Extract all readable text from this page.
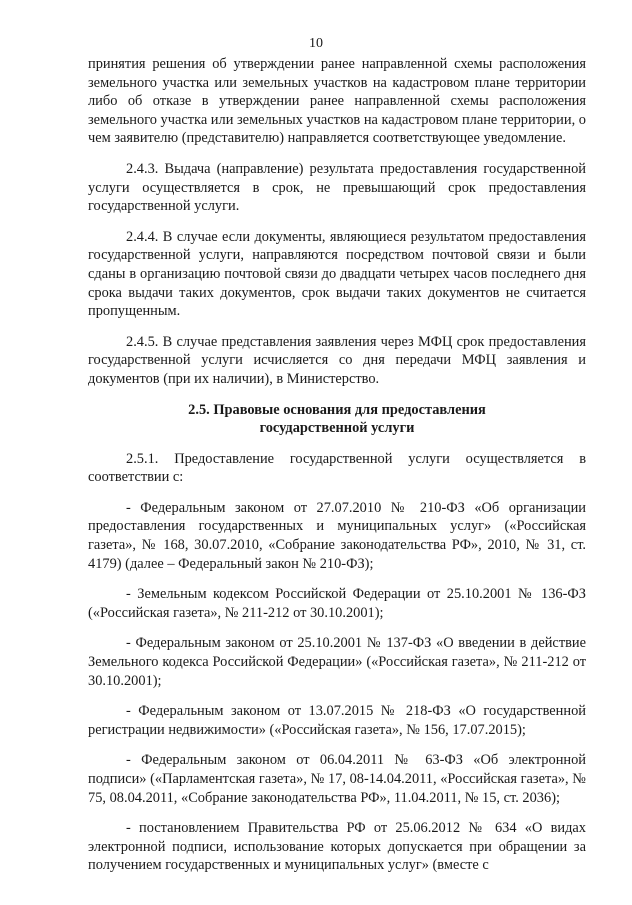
10

принятия решения об утверждении ранее направленной схемы расположения земельного участка или земельных участков на кадастровом плане территории либо об отказе в утверждении ранее направленной схемы расположения земельного участка или земельных участков на кадастровом плане территории, о чем заявителю (представителю) направляется соответствующее уведомление.

2.4.3. Выдача (направление) результата предоставления государственной услуги осуществляется в срок, не превышающий срок предоставления государственной услуги.

2.4.4. В случае если документы, являющиеся результатом предоставления государственной услуги, направляются посредством почтовой связи и были сданы в организацию почтовой связи до двадцати четырех часов последнего дня срока выдачи таких документов, срок выдачи таких документов не считается пропущенным.

2.4.5. В случае представления заявления через МФЦ срок предоставления государственной услуги исчисляется со дня передачи МФЦ заявления и документов (при их наличии), в Министерство.

2.5. Правовые основания для предоставления
государственной услуги

2.5.1. Предоставление государственной услуги осуществляется в соответствии с:

- Федеральным законом от 27.07.2010 № 210-ФЗ «Об организации предоставления государственных и муниципальных услуг» («Российская газета», № 168, 30.07.2010, «Собрание законодательства РФ», 2010, № 31, ст. 4179) (далее – Федеральный закон № 210-ФЗ);

- Земельным кодексом Российской Федерации от 25.10.2001 № 136-ФЗ («Российская газета», № 211-212 от 30.10.2001);

- Федеральным законом от 25.10.2001 № 137-ФЗ «О введении в действие Земельного кодекса Российской Федерации» («Российская газета», № 211-212 от 30.10.2001);

- Федеральным законом от 13.07.2015 № 218-ФЗ «О государственной регистрации недвижимости» («Российская газета», № 156, 17.07.2015);

- Федеральным законом от 06.04.2011 № 63-ФЗ «Об электронной подписи» («Парламентская газета», № 17, 08-14.04.2011, «Российская газета», № 75, 08.04.2011, «Собрание законодательства РФ», 11.04.2011, № 15, ст. 2036);

- постановлением Правительства РФ от 25.06.2012 № 634 «О видах электронной подписи, использование которых допускается при обращении за получением государственных и муниципальных услуг» (вместе с
